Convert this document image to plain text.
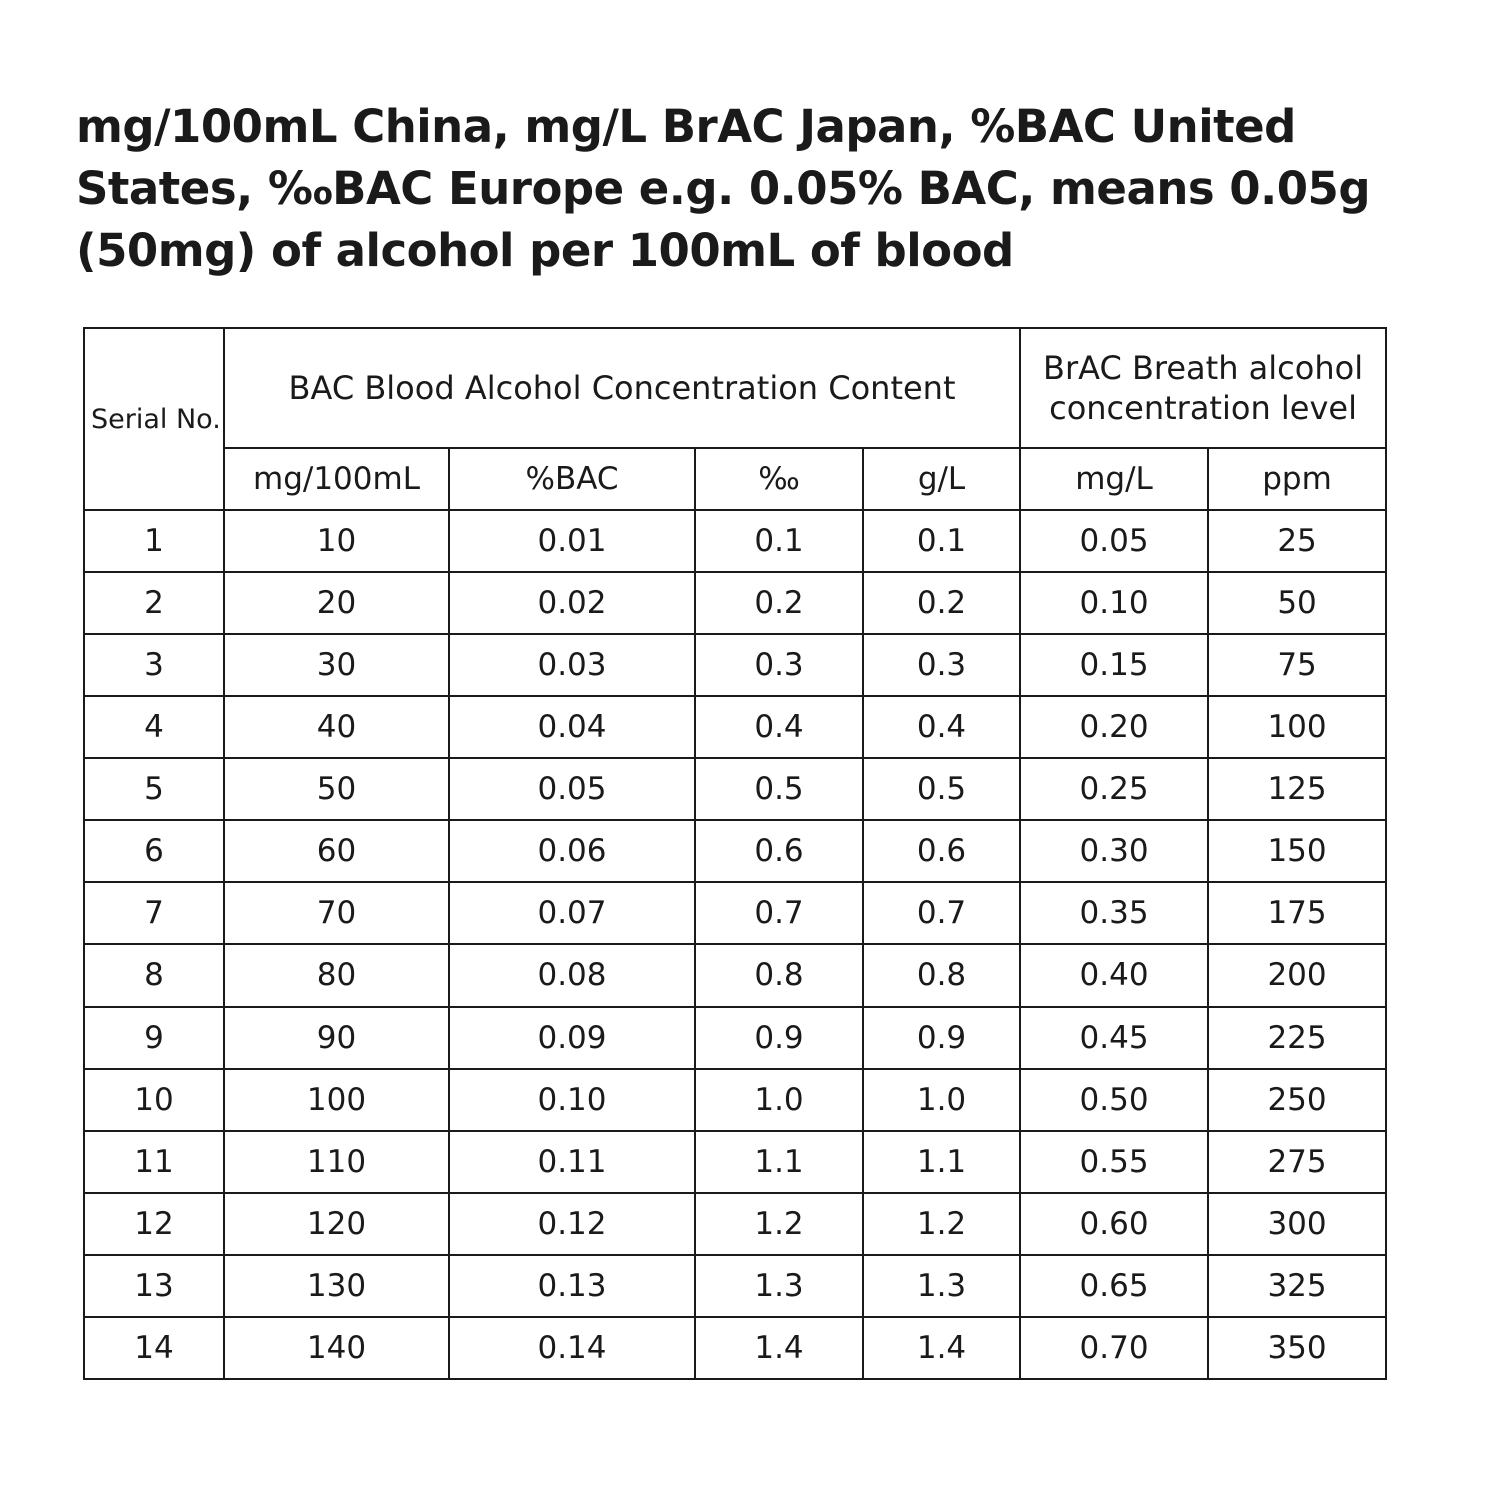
mg/100mL China, mg/L BrAC Japan, %BAC United States, ‰BAC Europe e.g. 0.05% BAC, means 0.05g (50mg) of alcohol per 100mL of blood
Serial No.	BAC Blood Alcohol Concentration Content				BrAC Breath alcohol concentration level	
	mg/100mL	%BAC	‰	g/L	mg/L	ppm
1	10	0.01	0.1	0.1	0.05	25
2	20	0.02	0.2	0.2	0.10	50
3	30	0.03	0.3	0.3	0.15	75
4	40	0.04	0.4	0.4	0.20	100
5	50	0.05	0.5	0.5	0.25	125
6	60	0.06	0.6	0.6	0.30	150
7	70	0.07	0.7	0.7	0.35	175
8	80	0.08	0.8	0.8	0.40	200
9	90	0.09	0.9	0.9	0.45	225
10	100	0.10	1.0	1.0	0.50	250
11	110	0.11	1.1	1.1	0.55	275
12	120	0.12	1.2	1.2	0.60	300
13	130	0.13	1.3	1.3	0.65	325
14	140	0.14	1.4	1.4	0.70	350
